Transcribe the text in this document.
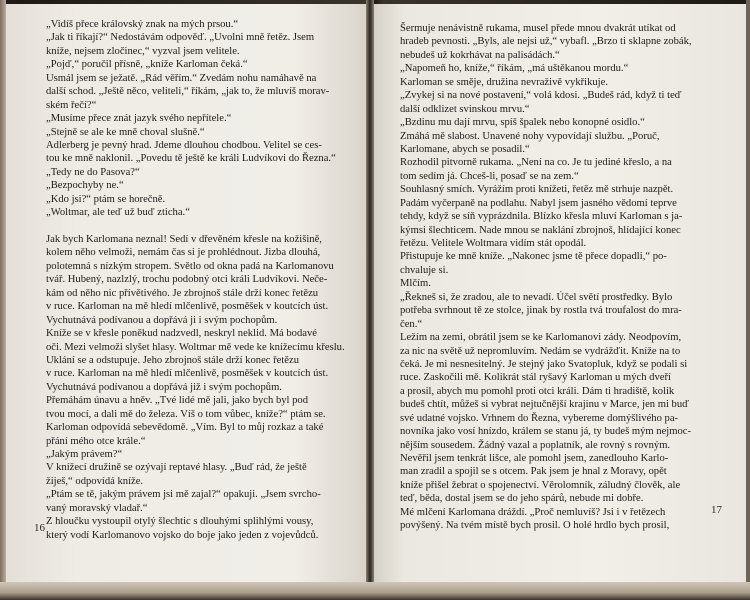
„Vidíš přece královský znak na mých prsou.“
„Jak ti říkají?“ Nedostávám odpověď. „Uvolni mně řetěz. Jsem
kníže, nejsem zločinec,“ vyzval jsem velitele.
„Pojď,“ poručil přísně, „kníže Karloman čeká.“
Usmál jsem se ježatě. „Rád věřím.“ Zvedám nohu namáhavě na
další schod. „Ještě něco, veliteli,“ říkám, „jak to, že mluvíš morav-
ském řečí?“
„Musíme přece znát jazyk svého nepřítele.“
„Stejně se ale ke mně choval slušně.“
Adlerberg je pevný hrad. Jdeme dlouhou chodbou. Velitel se ces-
tou ke mně naklonil. „Povedu tě ještě ke králi Ludvíkovi do Řezna.“
„Tedy ne do Pasova?“
„Bezpochyby ne.“
„Kdo jsi?“ ptám se horečně.
„Woltmar, ale teď už buď zticha.“
Jak bych Karlomana neznal! Sedí v dřevěném křesle na kožišině,
kolem něho velmoži, nemám čas si je prohlédnout. Jizba dlouhá,
polotemná s nízkým stropem. Světlo od okna padá na Karlomanovu
tvář. Hubený, nazlzlý, trochu podobný otci králi Ludvíkovi. Neče-
kám od něho nic přívětivého. Je zbrojnoš stále drží konec řetězu
v ruce. Karloman na mě hledí mlčenlivě, posměšek v koutcích úst.
Vychutnává podívanou a dopřává ji i svým pochopům.
Kníže se v křesle poněkud nadzvedl, neskryl neklid. Má bodavé
oči. Mezi velmoži slyšet hlasy. Woltmar mě vede ke knížecímu křeslu.
Uklání se a odstupuje. Jeho zbrojnoš stále drží konec řetězu
v ruce. Karloman na mě hledí mlčenlivě, posměšek v koutcích úst.
Vychutnává podívanou a dopřává již i svým pochopům.
Přemáhám únavu a hněv. „Tvé lidé mě jali, jako bych byl pod
tvou mocí, a dali mě do železa. Víš o tom vůbec, kníže?“ ptám se.
Karloman odpovídá sebevědomě. „Vím. Byl to můj rozkaz a také
přání mého otce krále.“
„Jakým právem?“
V knížecí družině se ozývají reptavé hlasy. „Buď rád, že ještě
žiješ,“ odpovídá kníže.
„Ptám se tě, jakým právem jsi mě zajal?“ opakuji. „Jsem svrcho-
vaný moravský vladař.“
Z hloučku vystoupil otylý šlechtic s dlouhými splihlými vousy,
který vodí Karlomanovo vojsko do boje jako jeden z vojevůdců.
16
Šermuje nenávistně rukama, musel přede mnou dvakrát utíkat od
hradeb pevnosti. „Byls, ale nejsi už,“ vybafl. „Brzo ti sklapne zobák,
nebudeš už kokrhávat na palisádách.“
„Napomeň ho, kníže,“ říkám, „má uštěkanou mordu.“
Karloman se směje, družina nevraživě vykřikuje.
„Zvykej si na nové postavení,“ volá kdosi. „Budeš rád, když ti teď
další odklizet svinskou mrvu.“
„Bzdinu mu dají mrvu, spíš špalek nebo konopné osidlo.“
Zmáhá mě slabost. Unavené nohy vypovídají službu. „Poruč,
Karlomane, abych se posadil.“
Rozhodil pitvorně rukama. „Není na co. Je tu jediné křeslo, a na
tom sedím já. Chceš-li, posaď se na zem.“
Souhlasný smích. Vyrážím proti knížeti, řetěz mě strhuje nazpět.
Padám vyčerpaně na podlahu. Nabyl jsem jasného vědomí teprve
tehdy, když se síň vyprázdnila. Blízko křesla mluví Karloman s ja-
kýmsi šlechticem. Nade mnou se naklání zbrojnoš, hlídající konec
řetězu. Velitele Woltmara vidím stát opodál.
Přistupuje ke mně kníže. „Nakonec jsme tě přece dopadli,“ po-
chvaluje si.
Mlčím.
„Řekneš si, že zradou, ale to nevadí. Účel světí prostředky. Bylo
potřeba svrhnout tě ze stolce, jinak by rostla tvá troufalost do mra-
čen.“
Ležím na zemi, obrátil jsem se ke Karlomanovi zády. Neodpovím,
za nic na světě už nepromluvím. Nedám se vydrážďit. Kníže na to
čeká. Je mi nesnesitelný. Je stejný jako Svatopluk, když se podali si
ruce. Zaskočili mě. Kolikrát stál ryšavý Karloman u mých dveří
a prosil, abych mu pomohl proti otci králi. Dám ti hradiště, kolik
budeš chtít, můžeš si vybrat nejtučnější krajinu v Marce, jen mi buď
své udatné vojsko. Vrhnem do Řezna, vybereme domýšlivého pa-
novníka jako vosí hnízdo, králem se stanu já, ty budeš mým nejmoc-
nějším sousedem. Žádný vazal a poplatník, ale rovný s rovným.
Nevěřil jsem tenkrát lišce, ale pomohl jsem, zanedlouho Karlo-
man zradil a spojil se s otcem. Pak jsem je hnal z Moravy, opět
kníže přišel žebrat o spojenectví. Věrolomník, záludný člověk, ale
teď, běda, dostal jsem se do jeho spárů, nebude mi dobře.
Mé mlčení Karlomana dráždí. „Proč nemluvíš? Jsi i v řetězech
povýšený. Na tvém místě bych prosil. O holé hrdlo bych prosil,
17
